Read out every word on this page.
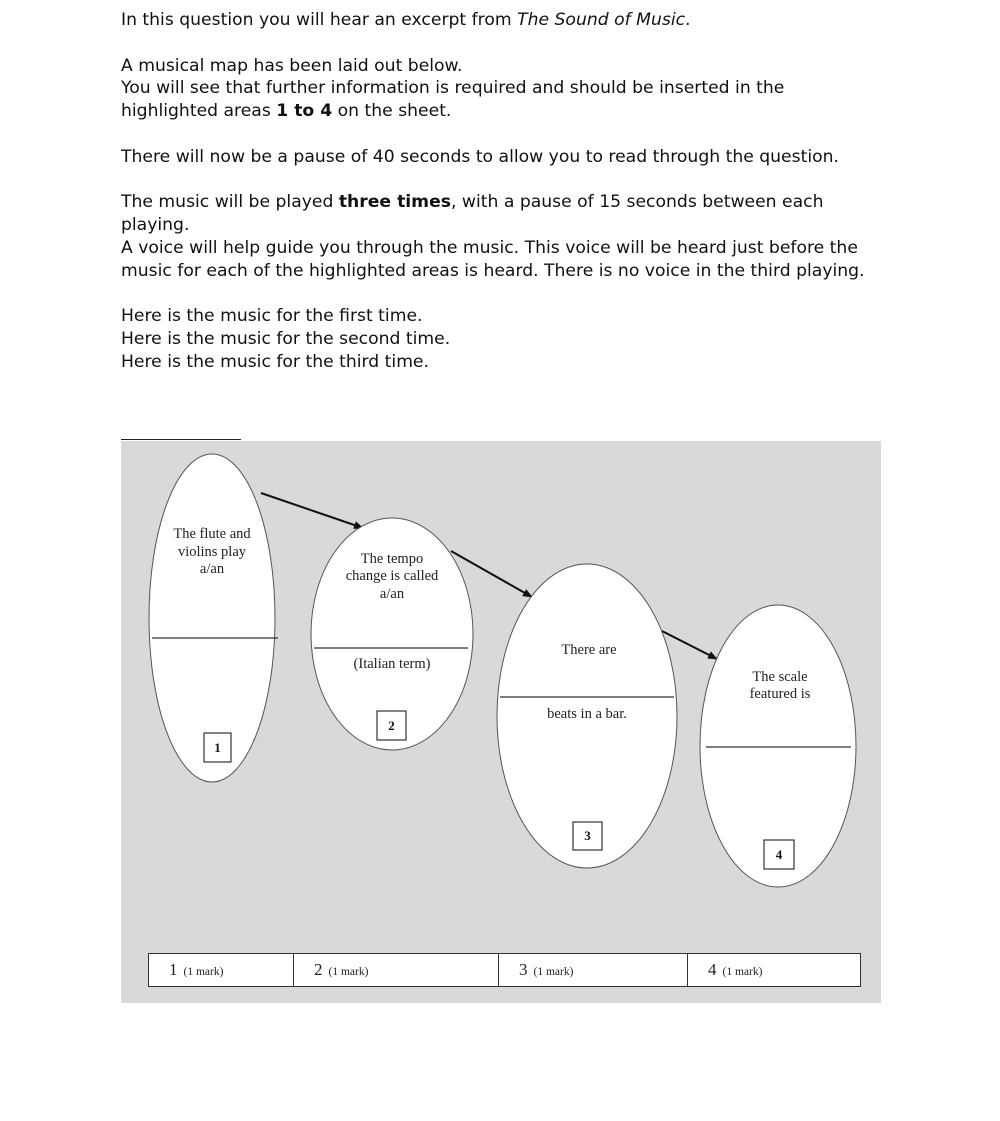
In this question you will hear an excerpt from The Sound of Music.

A musical map has been laid out below.

You will see that further information is required and should be inserted in the highlighted areas 1 to 4 on the sheet.

There will now be a pause of 40 seconds to allow you to read through the question.

The music will be played three times, with a pause of 15 seconds between each playing.

A voice will help guide you through the music. This voice will be heard just before the music for each of the highlighted areas is heard. There is no voice in the third playing.

Here is the music for the first time.

Here is the music for the second time.

Here is the music for the third time.

The flute and
violins play
a/an
1
The tempo
change is called
a/an
(Italian term)
2
There are
beats in a bar.
3
The scale
featured is
4
1 (1 mark)	2 (1 mark)	3 (1 mark)	4 (1 mark)
